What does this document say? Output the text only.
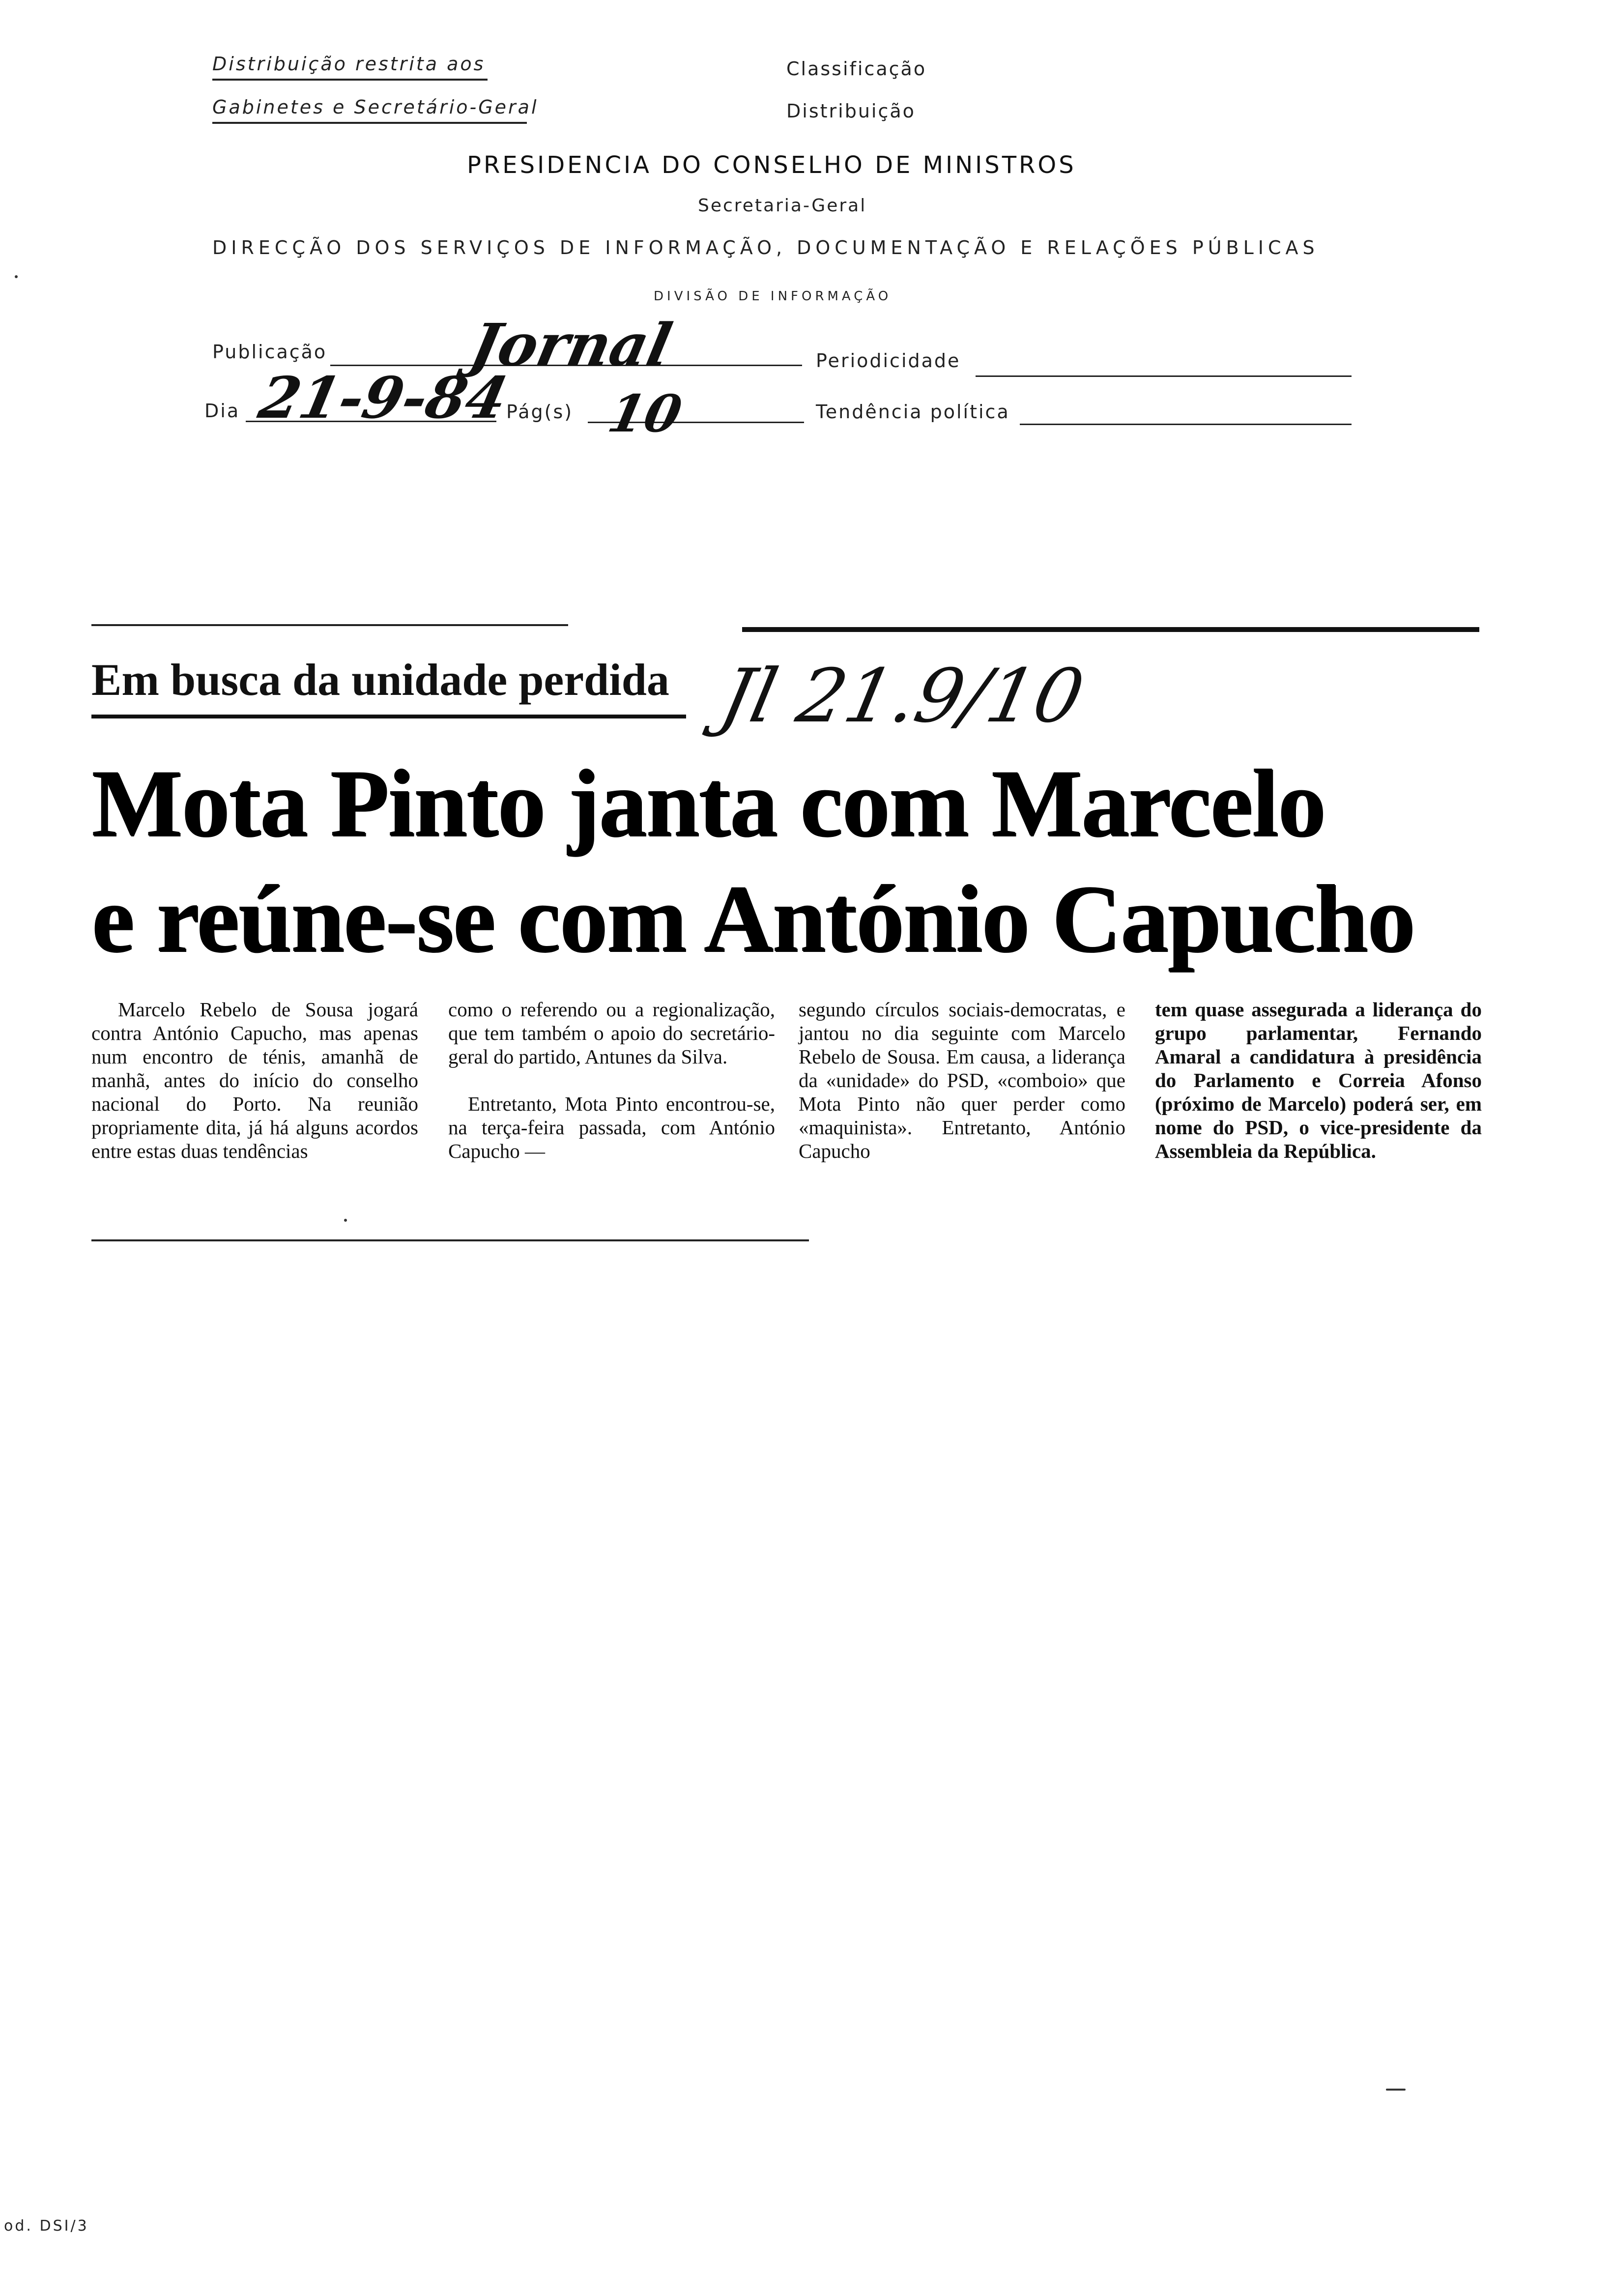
Distribuição restrita aos
Gabinetes e Secretário-Geral
Classificação
Distribuição
PRESIDENCIA DO CONSELHO DE MINISTROS
Secretaria-Geral
DIRECÇÃO DOS SERVIÇOS DE INFORMAÇÃO, DOCUMENTAÇÃO E RELAÇÕES PÚBLICAS
DIVISÃO DE INFORMAÇÃO
Publicação Jornal	Periodicidade
Dia 21-9-84
Pág(s) 10	Tendência política
Em busca da unidade perdida Jl 21.9/10
Mota Pinto janta com Marcelo
e reúne-se com António Capucho

Marcelo Rebelo de Sousa jogará contra António Capucho, mas apenas num encontro de ténis, amanhã de manhã, antes do início do conselho nacional do Porto. Na reunião propriamente dita, já há alguns acordos entre estas duas tendências

como o referendo ou a regionalização, que tem também o apoio do secretário-geral do partido, Antunes da Silva.

Entretanto, Mota Pinto encontrou-se, na terça-feira passada, com António Capucho —

segundo círculos sociais-democratas, e jantou no dia seguinte com Marcelo Rebelo de Sousa. Em causa, a liderança da «unidade» do PSD, «comboio» que Mota Pinto não quer perder como «maquinista». Entretanto, António Capucho

tem quase assegurada a liderança do grupo parlamentar, Fernando Amaral a candidatura à presidência do Parlamento e Correia Afonso (próximo de Marcelo) poderá ser, em nome do PSD, o vice-presidente da Assembleia da República.

od. DSI/3
